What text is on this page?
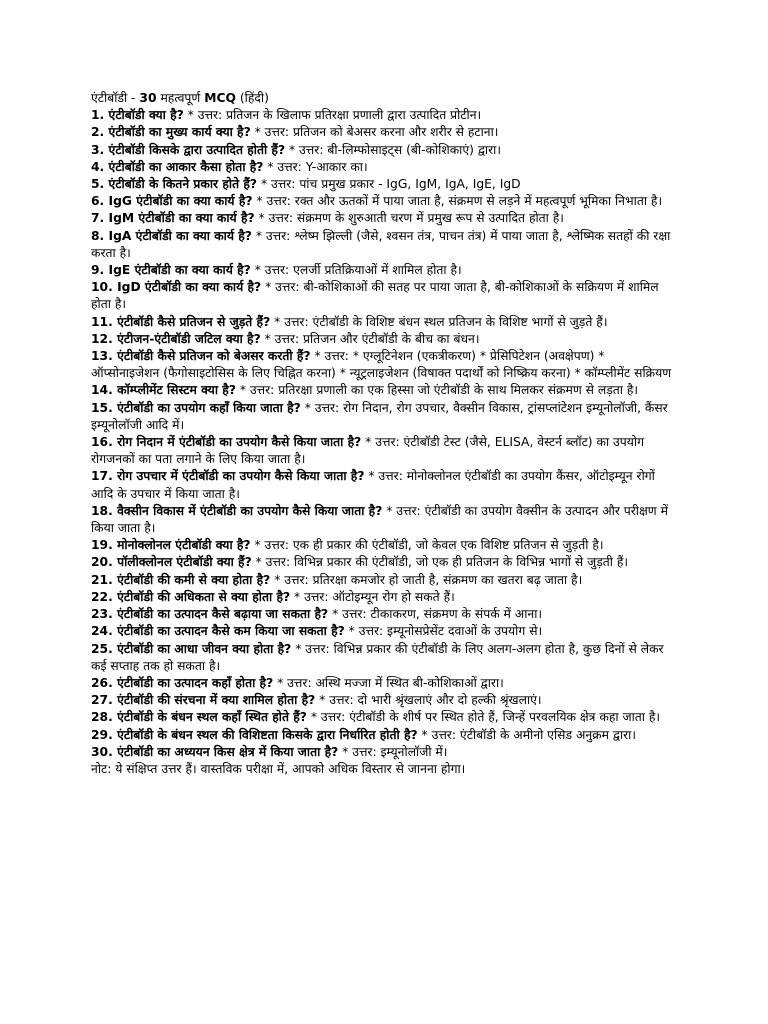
एंटीबॉडी - 30 महत्वपूर्ण MCQ (हिंदी)

1. एंटीबॉडी क्या है? * उत्तर: प्रतिजन के खिलाफ प्रतिरक्षा प्रणाली द्वारा उत्पादित प्रोटीन।

2. एंटीबॉडी का मुख्य कार्य क्या है? * उत्तर: प्रतिजन को बेअसर करना और शरीर से हटाना।

3. एंटीबॉडी किसके द्वारा उत्पादित होती हैं? * उत्तर: बी-लिम्फोसाइट्स (बी-कोशिकाएं) द्वारा।

4. एंटीबॉडी का आकार कैसा होता है? * उत्तर: Y-आकार का।

5. एंटीबॉडी के कितने प्रकार होते हैं? * उत्तर: पांच प्रमुख प्रकार - IgG, IgM, IgA, IgE, IgD

6. IgG एंटीबॉडी का क्या कार्य है? * उत्तर: रक्त और ऊतकों में पाया जाता है, संक्रमण से लड़ने में महत्वपूर्ण भूमिका निभाता है।

7. IgM एंटीबॉडी का क्या कार्य है? * उत्तर: संक्रमण के शुरुआती चरण में प्रमुख रूप से उत्पादित होता है।

8. IgA एंटीबॉडी का क्या कार्य है? * उत्तर: श्लेष्म झिल्ली (जैसे, श्वसन तंत्र, पाचन तंत्र) में पाया जाता है, श्लेष्मिक सतहों की रक्षा करता है।

9. IgE एंटीबॉडी का क्या कार्य है? * उत्तर: एलर्जी प्रतिक्रियाओं में शामिल होता है।

10. IgD एंटीबॉडी का क्या कार्य है? * उत्तर: बी-कोशिकाओं की सतह पर पाया जाता है, बी-कोशिकाओं के सक्रियण में शामिल होता है।

11. एंटीबॉडी कैसे प्रतिजन से जुड़ते हैं? * उत्तर: एंटीबॉडी के विशिष्ट बंधन स्थल प्रतिजन के विशिष्ट भागों से जुड़ते हैं।

12. एंटीजन-एंटीबॉडी जटिल क्या है? * उत्तर: प्रतिजन और एंटीबॉडी के बीच का बंधन।

13. एंटीबॉडी कैसे प्रतिजन को बेअसर करती हैं? * उत्तर: * एग्लूटिनेशन (एकत्रीकरण) * प्रेसिपिटेशन (अवक्षेपण) * ऑप्सोनाइजेशन (फैगोसाइटोसिस के लिए चिह्नित करना) * न्यूट्रलाइजेशन (विषाक्त पदार्थों को निष्क्रिय करना) * कॉम्प्लीमेंट सक्रियण

14. कॉम्प्लीमेंट सिस्टम क्या है? * उत्तर: प्रतिरक्षा प्रणाली का एक हिस्सा जो एंटीबॉडी के साथ मिलकर संक्रमण से लड़ता है।

15. एंटीबॉडी का उपयोग कहाँ किया जाता है? * उत्तर: रोग निदान, रोग उपचार, वैक्सीन विकास, ट्रांसप्लांटेशन इम्यूनोलॉजी, कैंसर इम्यूनोलॉजी आदि में।

16. रोग निदान में एंटीबॉडी का उपयोग कैसे किया जाता है? * उत्तर: एंटीबॉडी टेस्ट (जैसे, ELISA, वेस्टर्न ब्लॉट) का उपयोग रोगजनकों का पता लगाने के लिए किया जाता है।

17. रोग उपचार में एंटीबॉडी का उपयोग कैसे किया जाता है? * उत्तर: मोनोक्लोनल एंटीबॉडी का उपयोग कैंसर, ऑटोइम्यून रोगों आदि के उपचार में किया जाता है।

18. वैक्सीन विकास में एंटीबॉडी का उपयोग कैसे किया जाता है? * उत्तर: एंटीबॉडी का उपयोग वैक्सीन के उत्पादन और परीक्षण में किया जाता है।

19. मोनोक्लोनल एंटीबॉडी क्या है? * उत्तर: एक ही प्रकार की एंटीबॉडी, जो केवल एक विशिष्ट प्रतिजन से जुड़ती है।

20. पॉलीक्लोनल एंटीबॉडी क्या हैं? * उत्तर: विभिन्न प्रकार की एंटीबॉडी, जो एक ही प्रतिजन के विभिन्न भागों से जुड़ती हैं।

21. एंटीबॉडी की कमी से क्या होता है? * उत्तर: प्रतिरक्षा कमजोर हो जाती है, संक्रमण का खतरा बढ़ जाता है।

22. एंटीबॉडी की अधिकता से क्या होता है? * उत्तर: ऑटोइम्यून रोग हो सकते हैं।

23. एंटीबॉडी का उत्पादन कैसे बढ़ाया जा सकता है? * उत्तर: टीकाकरण, संक्रमण के संपर्क में आना।

24. एंटीबॉडी का उत्पादन कैसे कम किया जा सकता है? * उत्तर: इम्यूनोसप्रेसेंट दवाओं के उपयोग से।

25. एंटीबॉडी का आधा जीवन क्या होता है? * उत्तर: विभिन्न प्रकार की एंटीबॉडी के लिए अलग-अलग होता है, कुछ दिनों से लेकर कई सप्ताह तक हो सकता है।

26. एंटीबॉडी का उत्पादन कहाँ होता है? * उत्तर: अस्थि मज्जा में स्थित बी-कोशिकाओं द्वारा।

27. एंटीबॉडी की संरचना में क्या शामिल होता है? * उत्तर: दो भारी श्रृंखलाएं और दो हल्की श्रृंखलाएं।

28. एंटीबॉडी के बंधन स्थल कहाँ स्थित होते हैं? * उत्तर: एंटीबॉडी के शीर्ष पर स्थित होते हैं, जिन्हें परवलयिक क्षेत्र कहा जाता है।

29. एंटीबॉडी के बंधन स्थल की विशिष्टता किसके द्वारा निर्धारित होती है? * उत्तर: एंटीबॉडी के अमीनो एसिड अनुक्रम द्वारा।

30. एंटीबॉडी का अध्ययन किस क्षेत्र में किया जाता है? * उत्तर: इम्यूनोलॉजी में।

नोट: ये संक्षिप्त उत्तर हैं। वास्तविक परीक्षा में, आपको अधिक विस्तार से जानना होगा।
